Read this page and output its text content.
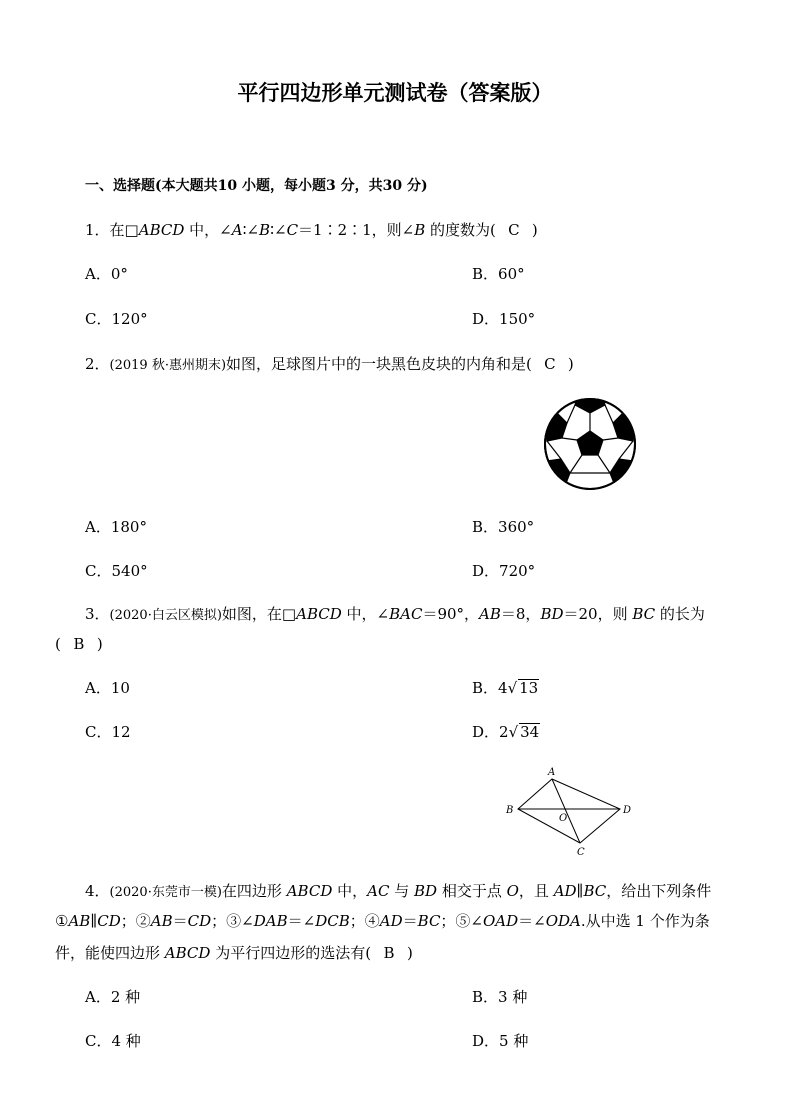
平行四边形单元测试卷（答案版）
一、选择题(本大题共10 小题，每小题3 分，共30 分)
1．在□ABCD 中，∠A∶∠B∶∠C＝1∶2∶1，则∠B 的度数为( C )
A．0°	B．60°
C．120°	D．150°
2．(2019 秋·惠州期末)如图，足球图片中的一块黑色皮块的内角和是( C )
A．180°	B．360°
C．540°	D．720°
3．(2020·白云区模拟)如图，在□ABCD 中，∠BAC＝90°，AB＝8，BD＝20，则 BC 的长为
( B )
A．10	B．4√ 13
C．12	D．2√ 34
A
B
C
D
O
4．(2020·东莞市一模)在四边形 ABCD 中，AC 与 BD 相交于点 O，且 AD∥BC，给出下列条件
①AB∥CD；②AB＝CD；③∠DAB＝∠DCB；④AD＝BC；⑤∠OAD＝∠ODA.从中选 1 个作为条
件，能使四边形 ABCD 为平行四边形的选法有( B )
A．2 种	B．3 种
C．4 种	D．5 种
